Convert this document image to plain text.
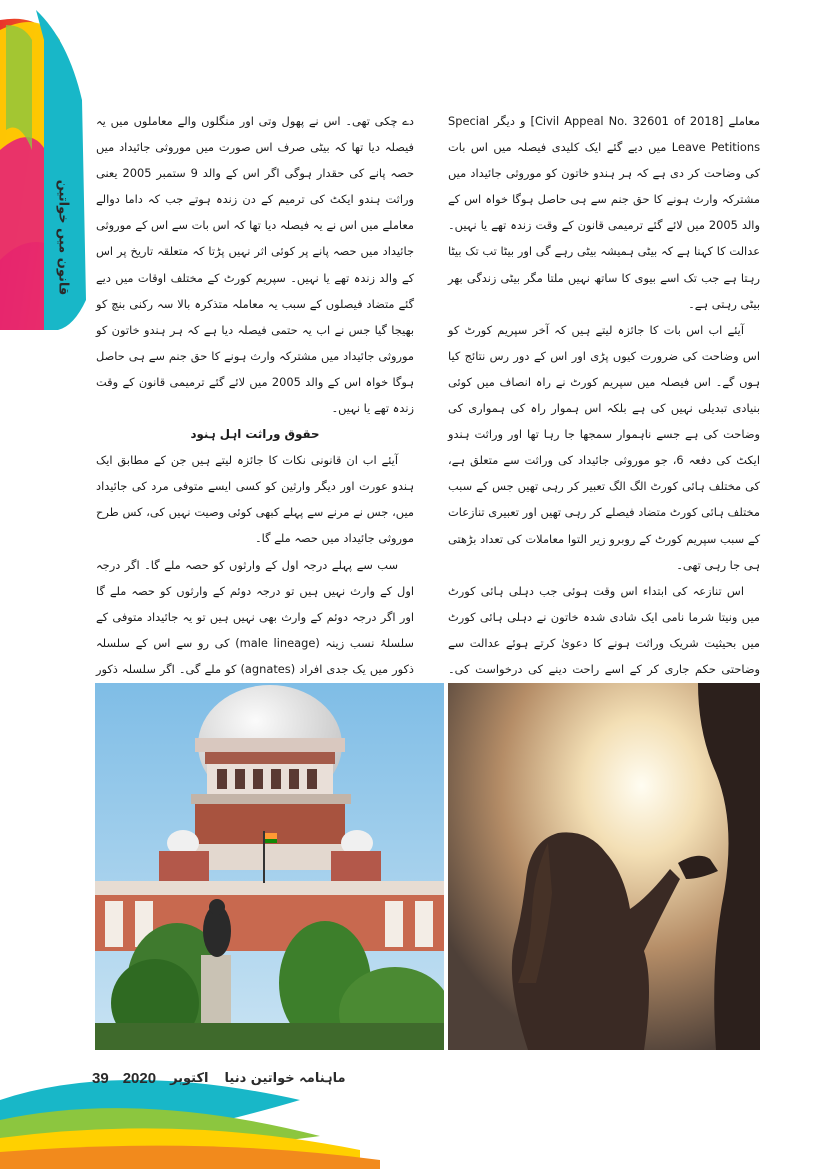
قانون میں خواتین

معاملے [Civil Appeal No. 32601 of 2018] و دیگر Special Leave Petitions میں دیے گئے ایک کلیدی فیصلہ میں اس بات کی وضاحت کر دی ہے کہ ہر ہندو خاتون کو موروثی جائیداد میں مشترکہ وارث ہونے کا حق جنم سے ہی حاصل ہوگا خواہ اس کے والد 2005 میں لائے گئے ترمیمی قانون کے وقت زندہ تھے یا نہیں۔ عدالت کا کہنا ہے کہ بیٹی ہمیشہ بیٹی رہے گی اور بیٹا تب تک بیٹا رہتا ہے جب تک اسے بیوی کا ساتھ نہیں ملتا مگر بیٹی زندگی بھر بیٹی رہتی ہے۔

آیئے اب اس بات کا جائزہ لیتے ہیں کہ آخر سپریم کورٹ کو اس وضاحت کی ضرورت کیوں پڑی اور اس کے دور رس نتائج کیا ہوں گے۔ اس فیصلہ میں سپریم کورٹ نے راہ انصاف میں کوئی بنیادی تبدیلی نہیں کی ہے بلکہ اس ہموار راہ کی ہمواری کی وضاحت کی ہے جسے ناہموار سمجھا جا رہا تھا اور وراثت ہندو ایکٹ کی دفعہ 6، جو موروثی جائیداد کی وراثت سے متعلق ہے، کی مختلف ہائی کورٹ الگ الگ تعبیر کر رہی تھیں جس کے سبب مختلف ہائی کورٹ متضاد فیصلے کر رہی تھیں اور تعبیری تنازعات کے سبب سپریم کورٹ کے روبرو زیر التوا معاملات کی تعداد بڑھتی ہی جا رہی تھی۔

اس تنازعہ کی ابتداء اس وقت ہوئی جب دہلی ہائی کورٹ میں ونیتا شرما نامی ایک شادی شدہ خاتون نے دہلی ہائی کورٹ میں بحیثیت شریک وراثت ہونے کا دعویٰ کرتے ہوئے عدالت سے وضاحتی حکم جاری کر کے اسے راحت دینے کی درخواست کی۔

دے چکی تھی۔ اس نے پھول وتی اور منگلوں والے معاملوں میں یہ فیصلہ دیا تھا کہ بیٹی صرف اس صورت میں موروثی جائیداد میں حصہ پانے کی حقدار ہوگی اگر اس کے والد 9 ستمبر 2005 یعنی وراثت ہندو ایکٹ کی ترمیم کے دن زندہ ہوتے جب کہ داما دوالے معاملے میں اس نے یہ فیصلہ دیا تھا کہ اس بات سے اس کے موروثی جائیداد میں حصہ پانے پر کوئی اثر نہیں پڑتا کہ متعلقہ تاریخ پر اس کے والد زندہ تھے یا نہیں۔ سپریم کورٹ کے مختلف اوقات میں دیے گئے متضاد فیصلوں کے سبب یہ معاملہ متذکرہ بالا سہ رکنی بنچ کو بھیجا گیا جس نے اب یہ حتمی فیصلہ دیا ہے کہ ہر ہندو خاتون کو موروثی جائیداد میں مشترکہ وارث ہونے کا حق جنم سے ہی حاصل ہوگا خواہ اس کے والد 2005 میں لائے گئے ترمیمی قانون کے وقت زندہ تھے یا نہیں۔

حقوق وراثت اہل ہنود

آیئے اب ان قانونی نکات کا جائزہ لیتے ہیں جن کے مطابق ایک ہندو عورت اور دیگر وارثین کو کسی ایسے متوفی مرد کی جائیداد میں، جس نے مرنے سے پہلے کبھی کوئی وصیت نہیں کی، کس طرح موروثی جائیداد میں حصہ ملے گا۔

سب سے پہلے درجہ اول کے وارثوں کو حصہ ملے گا۔ اگر درجہ اول کے وارث نہیں ہیں تو درجہ دوئم کے وارثوں کو حصہ ملے گا اور اگر درجہ دوئم کے وارث بھی نہیں ہیں تو یہ جائیداد متوفی کے سلسلۂ نسب زینہ (male lineage) کی رو سے اس کے سلسلہ ذکور میں یک جدی افراد (agnates) کو ملے گی۔ اگر سلسلہ ذکور

39 2020 اکتوبر ماہنامہ خواتین دنیا
